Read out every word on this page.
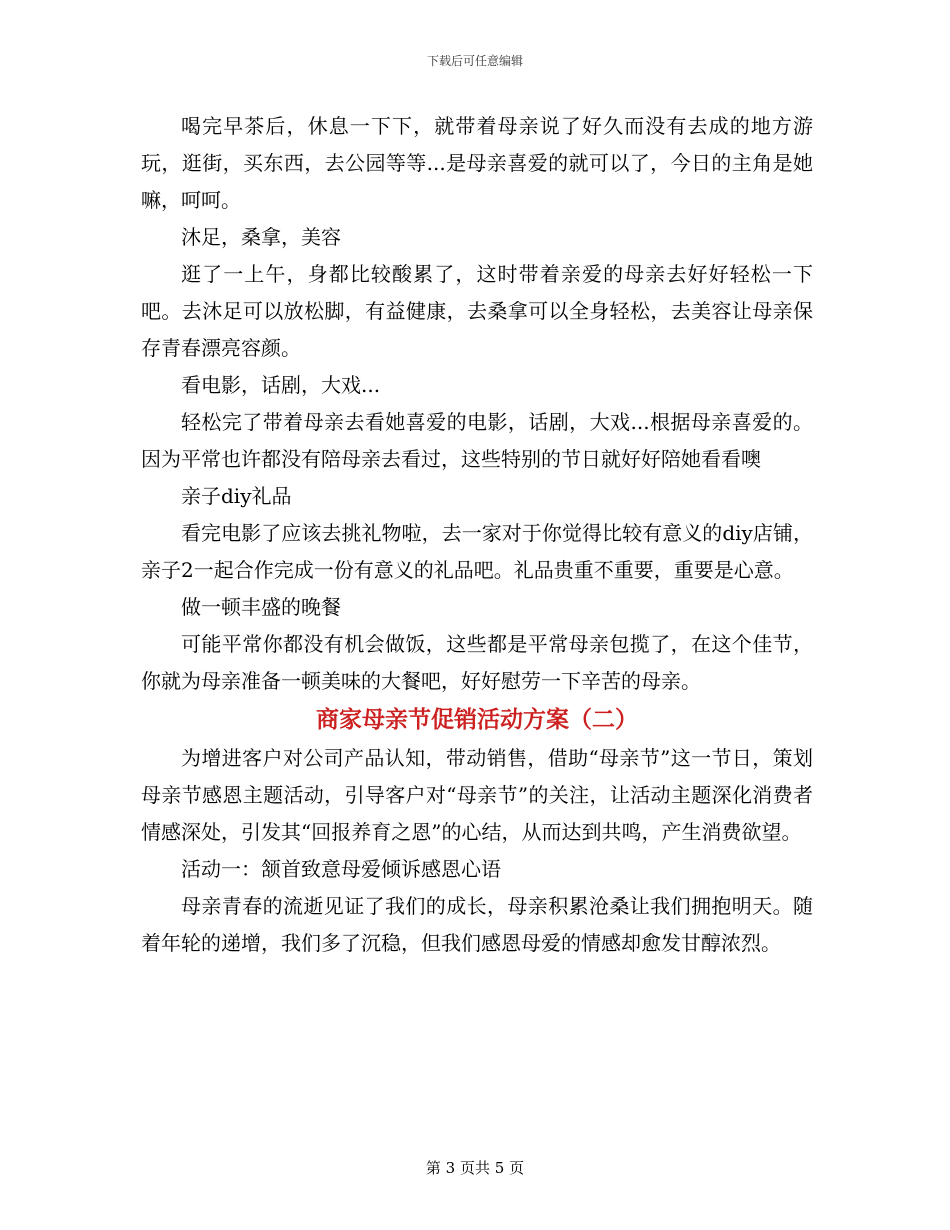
下载后可任意编辑

喝完早茶后，休息一下下，就带着母亲说了好久而没有去成的地方游玩，逛街，买东西，去公园等等...是母亲喜爱的就可以了，今日的主角是她嘛，呵呵。

沐足，桑拿，美容

逛了一上午，身都比较酸累了，这时带着亲爱的母亲去好好轻松一下吧。去沐足可以放松脚，有益健康，去桑拿可以全身轻松，去美容让母亲保存青春漂亮容颜。

看电影，话剧，大戏...

轻松完了带着母亲去看她喜爱的电影，话剧，大戏...根据母亲喜爱的。因为平常也许都没有陪母亲去看过，这些特别的节日就好好陪她看看噢

亲子diy礼品

看完电影了应该去挑礼物啦，去一家对于你觉得比较有意义的diy店铺，亲子2一起合作完成一份有意义的礼品吧。礼品贵重不重要，重要是心意。

做一顿丰盛的晚餐

可能平常你都没有机会做饭，这些都是平常母亲包揽了，在这个佳节，你就为母亲准备一顿美味的大餐吧，好好慰劳一下辛苦的母亲。

商家母亲节促销活动方案（二）

为增进客户对公司产品认知，带动销售，借助“母亲节”这一节日，策划母亲节感恩主题活动，引导客户对“母亲节”的关注，让活动主题深化消费者情感深处，引发其“回报养育之恩”的心结，从而达到共鸣，产生消费欲望。

活动一：颔首致意母爱倾诉感恩心语

母亲青春的流逝见证了我们的成长，母亲积累沧桑让我们拥抱明天。随着年轮的递增，我们多了沉稳，但我们感恩母爱的情感却愈发甘醇浓烈。

第 3 页共 5 页
